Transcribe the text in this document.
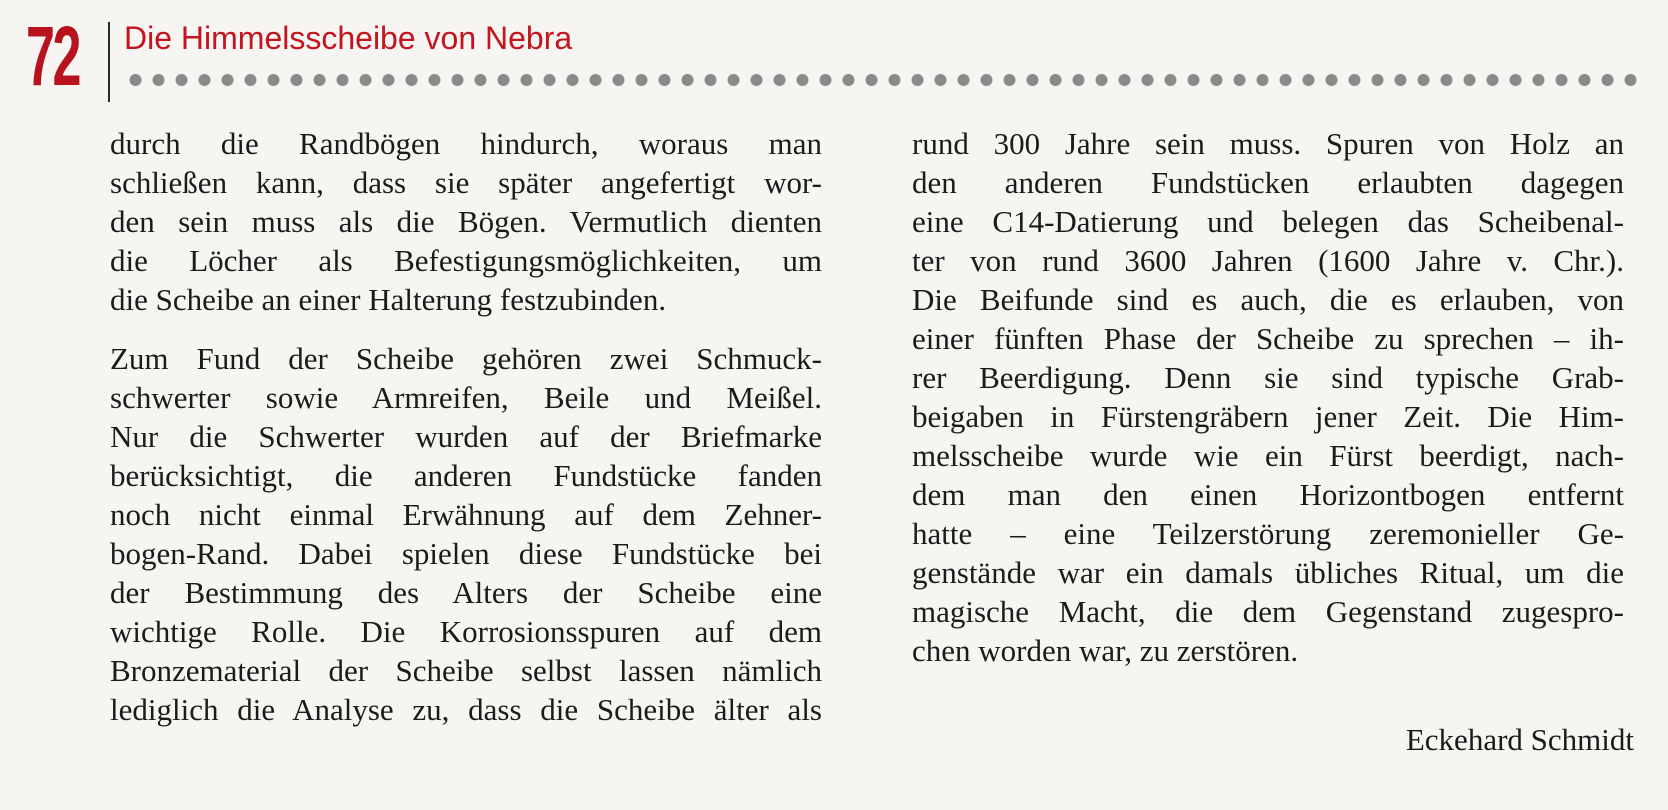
72 Die Himmelsscheibe von Nebra
durch die Randbögen hindurch, woraus man
schließen kann, dass sie später angefertigt wor-
den sein muss als die Bögen. Vermutlich dienten
die Löcher als Befestigungsmöglichkeiten, um
die Scheibe an einer Halterung festzubinden.
Zum Fund der Scheibe gehören zwei Schmuck-
schwerter sowie Armreifen, Beile und Meißel.
Nur die Schwerter wurden auf der Briefmarke
berücksichtigt, die anderen Fundstücke fanden
noch nicht einmal Erwähnung auf dem Zehner-
bogen-Rand. Dabei spielen diese Fundstücke bei
der Bestimmung des Alters der Scheibe eine
wichtige Rolle. Die Korrosionsspuren auf dem
Bronzematerial der Scheibe selbst lassen nämlich
lediglich die Analyse zu, dass die Scheibe älter als
rund 300 Jahre sein muss. Spuren von Holz an
den anderen Fundstücken erlaubten dagegen
eine C14-Datierung und belegen das Scheibenal-
ter von rund 3600 Jahren (1600 Jahre v. Chr.).
Die Beifunde sind es auch, die es erlauben, von
einer fünften Phase der Scheibe zu sprechen – ih-
rer Beerdigung. Denn sie sind typische Grab-
beigaben in Fürstengräbern jener Zeit. Die Him-
melsscheibe wurde wie ein Fürst beerdigt, nach-
dem man den einen Horizontbogen entfernt
hatte – eine Teilzerstörung zeremonieller Ge-
genstände war ein damals übliches Ritual, um die
magische Macht, die dem Gegenstand zugespro-
chen worden war, zu zerstören.
Eckehard Schmidt
